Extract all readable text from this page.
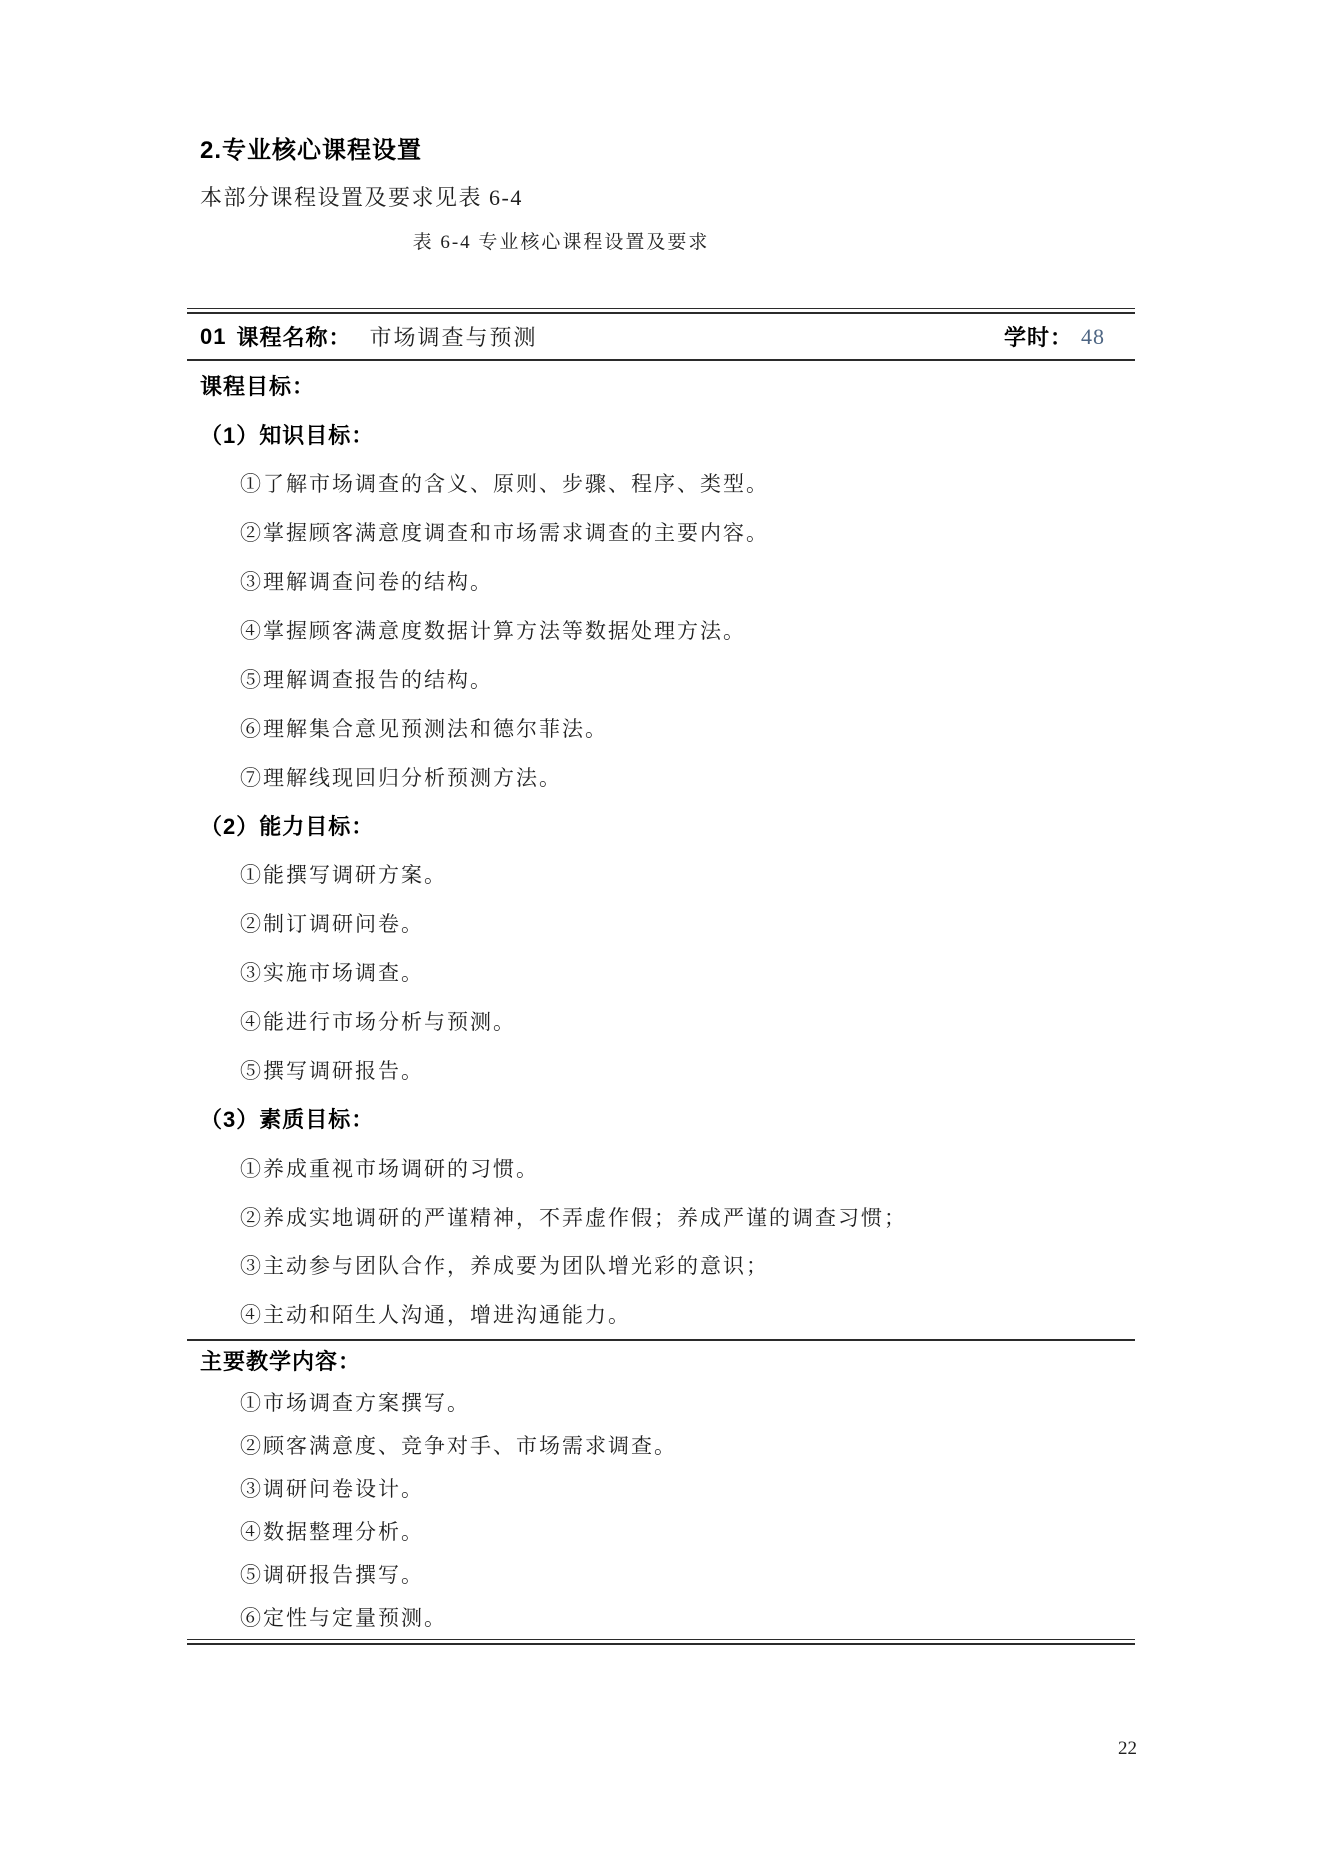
2.专业核心课程设置
本部分课程设置及要求见表 6-4
表 6-4 专业核心课程设置及要求
01 课程名称： 市场调查与预测	学时： 48
课程目标：
（1）知识目标：
①了解市场调查的含义、原则、步骤、程序、类型。
②掌握顾客满意度调查和市场需求调查的主要内容。
③理解调查问卷的结构。
④掌握顾客满意度数据计算方法等数据处理方法。
⑤理解调查报告的结构。
⑥理解集合意见预测法和德尔菲法。
⑦理解线现回归分析预测方法。
（2）能力目标：
①能撰写调研方案。
②制订调研问卷。
③实施市场调查。
④能进行市场分析与预测。
⑤撰写调研报告。
（3）素质目标：
①养成重视市场调研的习惯。
②养成实地调研的严谨精神，不弄虚作假；养成严谨的调查习惯；
③主动参与团队合作，养成要为团队增光彩的意识；
④主动和陌生人沟通，增进沟通能力。
主要教学内容：
①市场调查方案撰写。
②顾客满意度、竞争对手、市场需求调查。
③调研问卷设计。
④数据整理分析。
⑤调研报告撰写。
⑥定性与定量预测。
22
